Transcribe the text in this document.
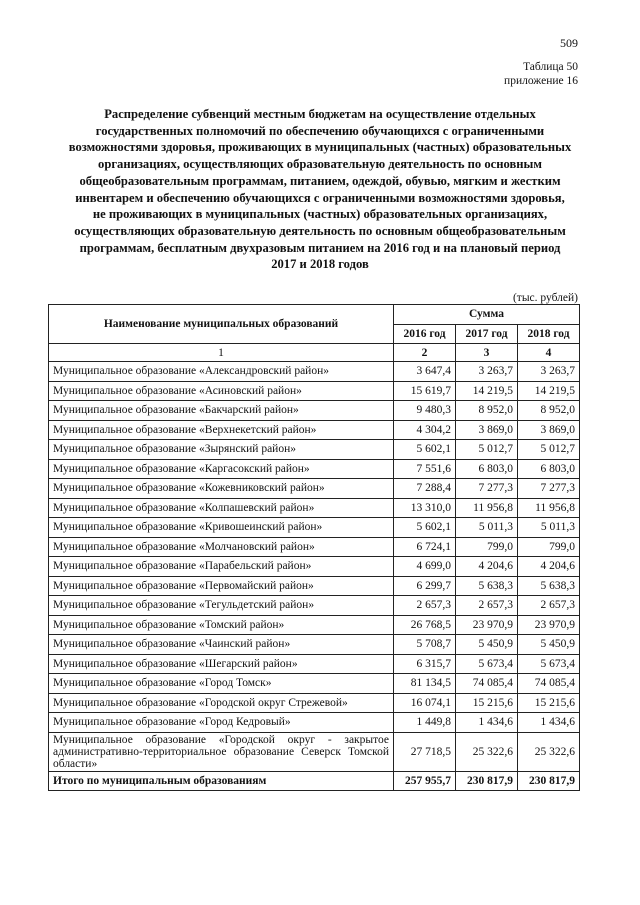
509
Таблица 50
приложение 16
Распределение субвенций местным бюджетам на осуществление отдельных государственных полномочий по обеспечению обучающихся с ограниченными возможностями здоровья, проживающих в муниципальных (частных) образовательных организациях, осуществляющих образовательную деятельность по основным общеобразовательным программам, питанием, одеждой, обувью, мягким и жестким инвентарем и обеспечению обучающихся с ограниченными возможностями здоровья, не проживающих в муниципальных (частных) образовательных организациях, осуществляющих образовательную деятельность по основным общеобразовательным программам, бесплатным двухразовым питанием на 2016 год и на плановый период 2017 и 2018 годов
(тыс. рублей)
Наименование муниципальных образований	Сумма		
	2016 год	2017 год	2018 год
1	2	3	4
Муниципальное образование «Александровский район»	3 647,4	3 263,7	3 263,7
Муниципальное образование «Асиновский район»	15 619,7	14 219,5	14 219,5
Муниципальное образование «Бакчарский район»	9 480,3	8 952,0	8 952,0
Муниципальное образование «Верхнекетский район»	4 304,2	3 869,0	3 869,0
Муниципальное образование «Зырянский район»	5 602,1	5 012,7	5 012,7
Муниципальное образование «Каргасокский район»	7 551,6	6 803,0	6 803,0
Муниципальное образование «Кожевниковский район»	7 288,4	7 277,3	7 277,3
Муниципальное образование «Колпашевский район»	13 310,0	11 956,8	11 956,8
Муниципальное образование «Кривошеинский район»	5 602,1	5 011,3	5 011,3
Муниципальное образование «Молчановский район»	6 724,1	799,0	799,0
Муниципальное образование «Парабельский район»	4 699,0	4 204,6	4 204,6
Муниципальное образование «Первомайский район»	6 299,7	5 638,3	5 638,3
Муниципальное образование «Тегульдетский район»	2 657,3	2 657,3	2 657,3
Муниципальное образование «Томский район»	26 768,5	23 970,9	23 970,9
Муниципальное образование «Чаинский район»	5 708,7	5 450,9	5 450,9
Муниципальное образование «Шегарский район»	6 315,7	5 673,4	5 673,4
Муниципальное образование «Город Томск»	81 134,5	74 085,4	74 085,4
Муниципальное образование «Городской округ Стрежевой»	16 074,1	15 215,6	15 215,6
Муниципальное образование «Город Кедровый»	1 449,8	1 434,6	1 434,6
Муниципальное образование «Городской округ - закрытое административно-территориальное образование Северск Томской области»	27 718,5	25 322,6	25 322,6
Итого по муниципальным образованиям	257 955,7	230 817,9	230 817,9
